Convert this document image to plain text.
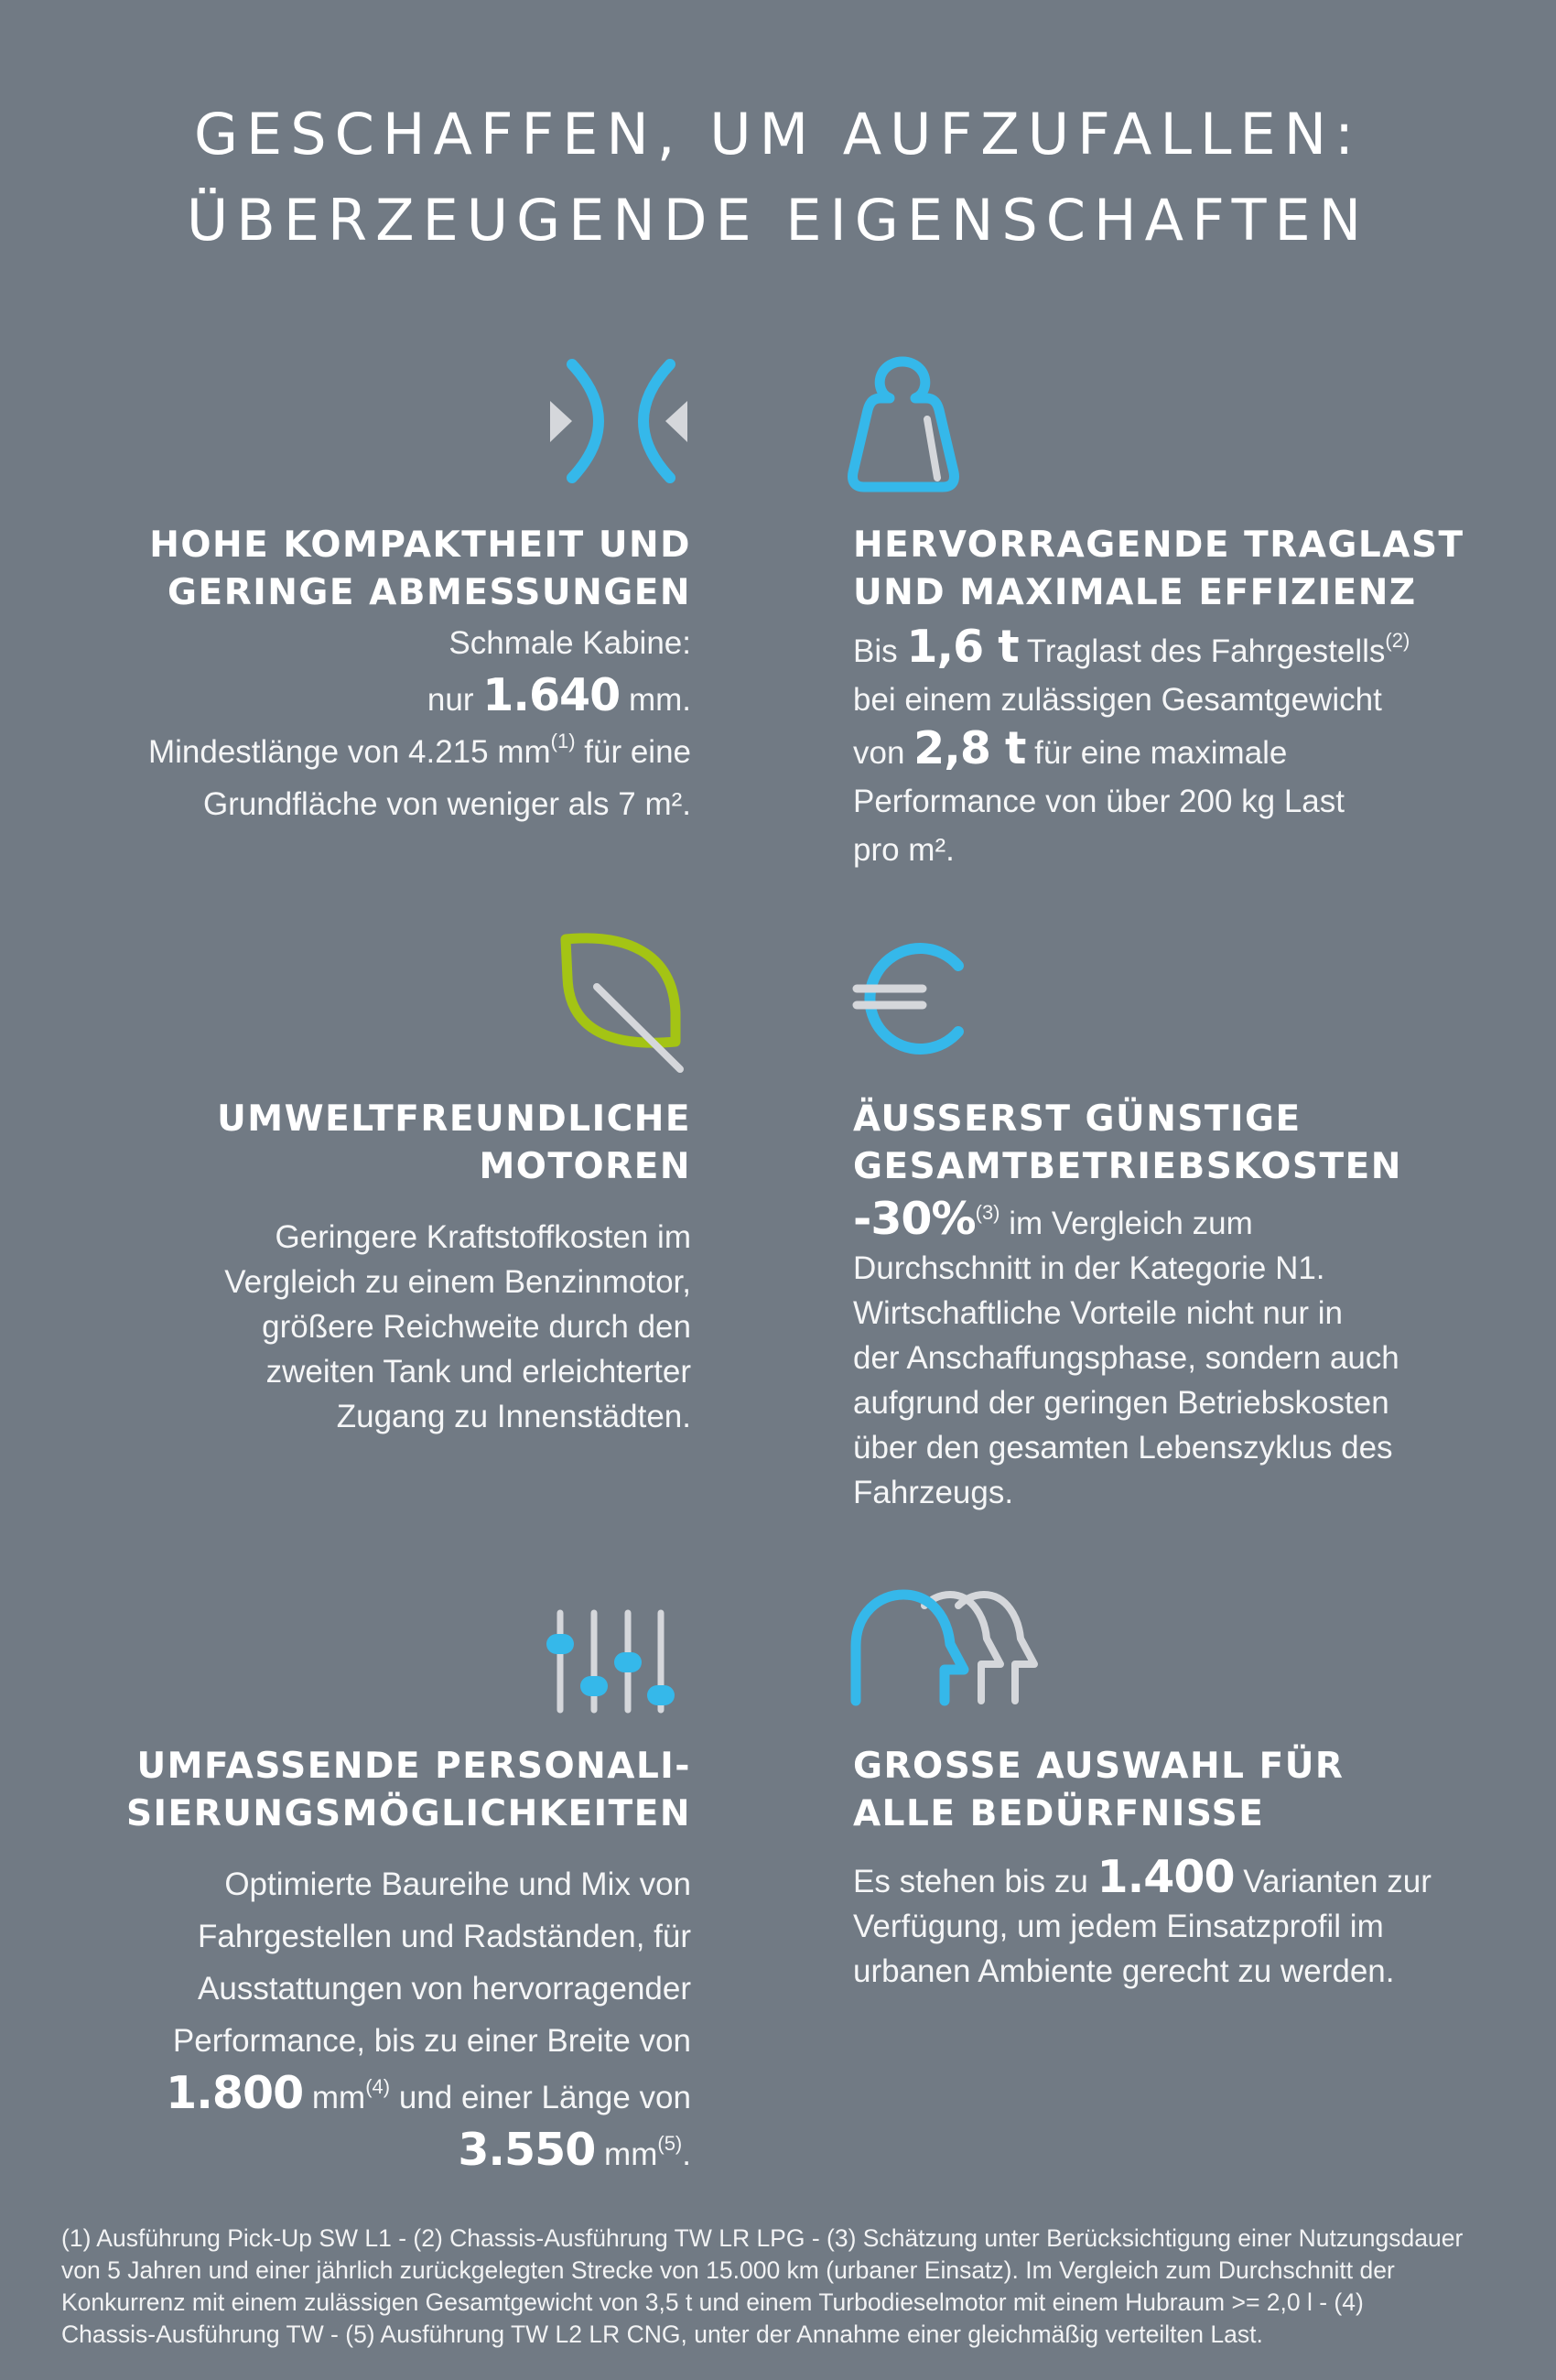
GESCHAFFEN, UM AUFZUFALLEN:
ÜBERZEUGENDE EIGENSCHAFTEN
HOHE KOMPAKTHEIT UND
GERINGE ABMESSUNGEN
Schmale Kabine:
nur 1.640 mm.
Mindestlänge von 4.215 $mm^{(1)}$ für eine
Grundfläche von weniger als 7 m².
HERVORRAGENDE TRAGLAST
UND MAXIMALE EFFIZIENZ
Bis 1,6 t Traglast des Fahrgestells$^{(2)}$
bei einem zulässigen Gesamtgewicht
von 2,8 t für eine maximale
Performance von über 200 kg Last
pro m².
UMWELTFREUNDLICHE
MOTOREN
Geringere Kraftstoffkosten im
Vergleich zu einem Benzinmotor,
größere Reichweite durch den
zweiten Tank und erleichterter
Zugang zu Innenstädten.
ÄUSSERST GÜNSTIGE
GESAMTBETRIEBSKOSTEN
-30%$^{(3)}$ im Vergleich zum
Durchschnitt in der Kategorie N1.
Wirtschaftliche Vorteile nicht nur in
der Anschaffungsphase, sondern auch
aufgrund der geringen Betriebskosten
über den gesamten Lebenszyklus des
Fahrzeugs.
UMFASSENDE PERSONALI-
SIERUNGSMÖGLICHKEITEN
Optimierte Baureihe und Mix von
Fahrgestellen und Radständen, für
Ausstattungen von hervorragender
Performance, bis zu einer Breite von
1.800 $mm^{(4)}$ und einer Länge von
3.550 $mm^{(5)}$.
GROSSE AUSWAHL FÜR
ALLE BEDÜRFNISSE
Es stehen bis zu 1.400 Varianten zur
Verfügung, um jedem Einsatzprofil im
urbanen Ambiente gerecht zu werden.
(1) Ausführung Pick-Up SW L1 - (2) Chassis-Ausführung TW LR LPG - (3) Schätzung unter Berücksichtigung einer Nutzungsdauer
von 5 Jahren und einer jährlich zurückgelegten Strecke von 15.000 km (urbaner Einsatz). Im Vergleich zum Durchschnitt der
Konkurrenz mit einem zulässigen Gesamtgewicht von 3,5 t und einem Turbodieselmotor mit einem Hubraum >= 2,0 l - (4)
Chassis-Ausführung TW - (5) Ausführung TW L2 LR CNG, unter der Annahme einer gleichmäßig verteilten Last.
